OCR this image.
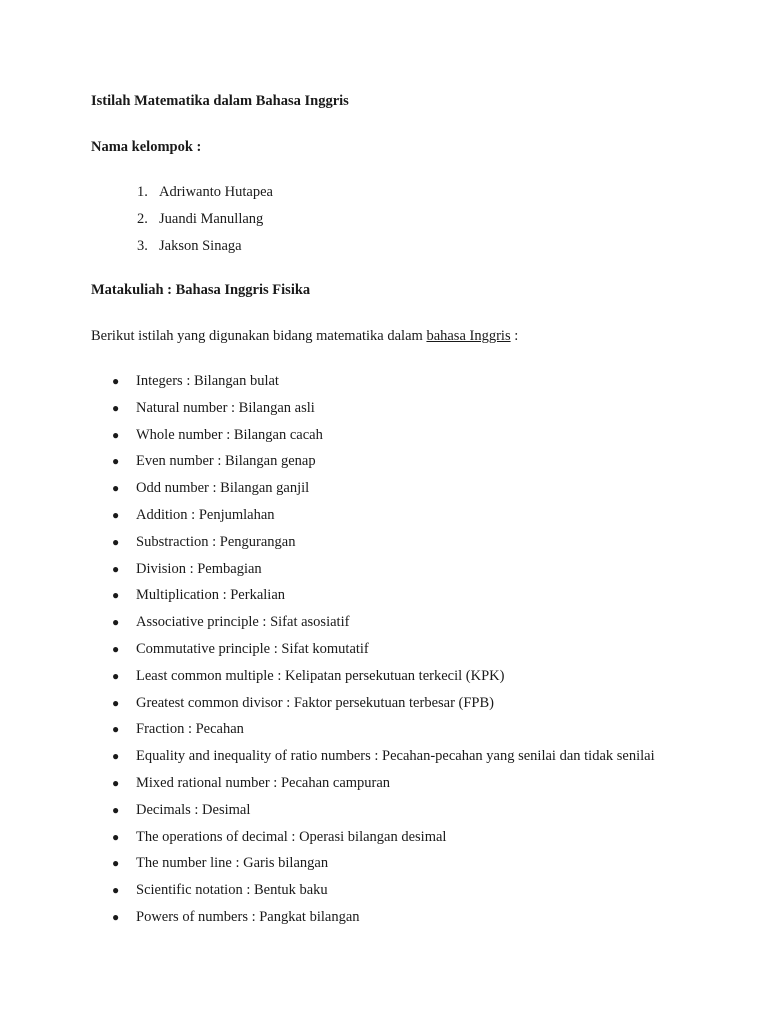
Istilah Matematika dalam Bahasa Inggris

Nama kelompok :

1. Adriwanto Hutapea
2. Juandi Manullang
3. Jakson Sinaga

Matakuliah : Bahasa Inggris Fisika

Berikut istilah yang digunakan bidang matematika dalam bahasa Inggris :

● Integers : Bilangan bulat
● Natural number : Bilangan asli
● Whole number : Bilangan cacah
● Even number : Bilangan genap
● Odd number : Bilangan ganjil
● Addition : Penjumlahan
● Substraction : Pengurangan
● Division : Pembagian
● Multiplication : Perkalian
● Associative principle : Sifat asosiatif
● Commutative principle : Sifat komutatif
● Least common multiple : Kelipatan persekutuan terkecil (KPK)
● Greatest common divisor : Faktor persekutuan terbesar (FPB)
● Fraction : Pecahan
● Equality and inequality of ratio numbers : Pecahan-pecahan yang senilai dan tidak senilai
● Mixed rational number : Pecahan campuran
● Decimals : Desimal
● The operations of decimal : Operasi bilangan desimal
● The number line : Garis bilangan
● Scientific notation : Bentuk baku
● Powers of numbers : Pangkat bilangan
